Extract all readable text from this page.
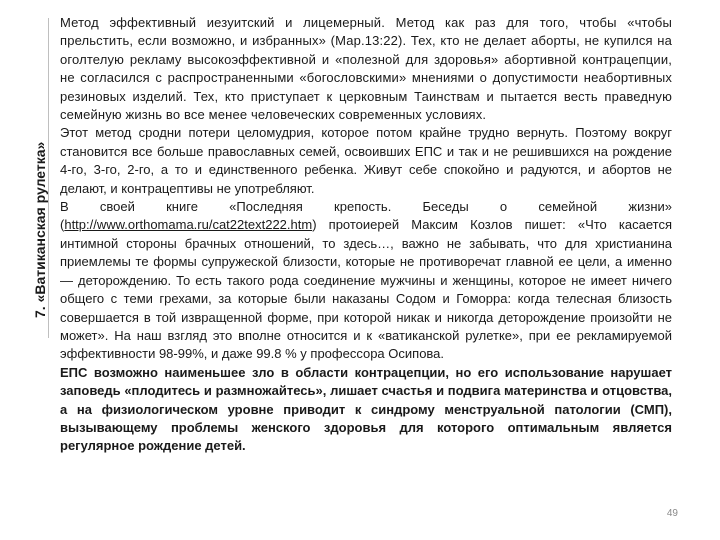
7. «Ватиканская рулетка»

Метод эффективный иезуитский и лицемерный. Метод как раз для того, чтобы «чтобы прельстить, если возможно, и избранных» (Мар.13:22). Тех, кто не делает аборты, не купился на оголтелую рекламу высокоэффективной и «полезной для здоровья» абортивной контрацепции, не согласился с распространенными «богословскими» мнениями о допустимости неабортивных резиновых изделий. Тех, кто приступает к церковным Таинствам и пытается весть праведную семейную жизнь во все менее человеческих современных условиях.

Этот метод сродни потери целомудрия, которое потом крайне трудно вернуть. Поэтому вокруг становится все больше православных семей, освоивших ЕПС и так и не решившихся на рождение 4-го, 3-го, 2-го, а то и единственного ребенка. Живут себе спокойно и радуются, и абортов не делают, и контрацептивы не употребляют.

В своей книге «Последняя крепость. Беседы о семейной жизни» (http://www.orthomama.ru/cat22text222.htm) протоиерей Максим Козлов пишет: «Что касается интимной стороны брачных отношений, то здесь…, важно не забывать, что для христианина приемлемы те формы супружеской близости, которые не противоречат главной ее цели, а именно — деторождению. То есть такого рода соединение мужчины и женщины, которое не имеет ничего общего с теми грехами, за которые были наказаны Содом и Гоморра: когда телесная близость совершается в той извращенной форме, при которой никак и никогда деторождение произойти не может». На наш взгляд это вполне относится и к «ватиканской рулетке», при ее рекламируемой эффективности 98-99%, и даже 99.8 % у профессора Осипова.

ЕПС возможно наименьшее зло в области контрацепции, но его использование нарушает заповедь «плодитесь и размножайтесь», лишает счастья и подвига материнства и отцовства, а на физиологическом уровне приводит к синдрому менструальной патологии (СМП), вызывающему проблемы женского здоровья для которого оптимальным является регулярное рождение детей.

49
